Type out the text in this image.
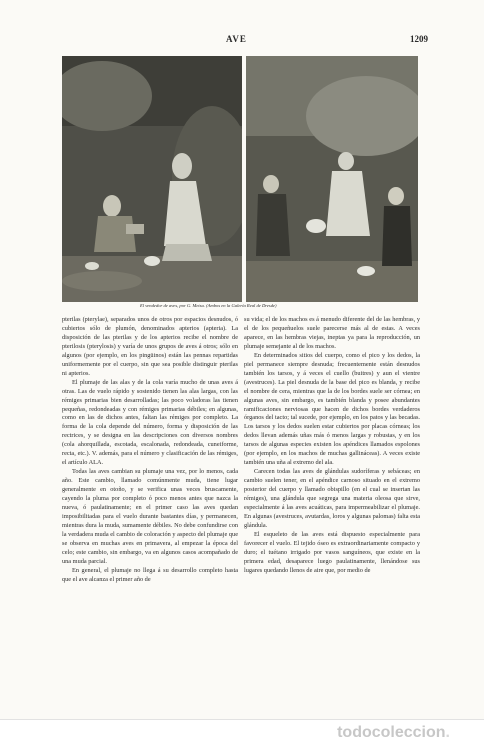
AVE	1209
El vendedor de aves, por G. Metsu. (Ambos en la Galería Real de Dresde)

pterilas (pterylae), separados unos de otros por espacios desnudos, ó cubiertos sólo de plumón, denominados apterios (apteria). La disposición de las pterilas y de los apterios recibe el nombre de pterilosis (pterylosis) y varía de unos grupos de aves á otros; sólo en algunos (por ejemplo, en los pingüinos) están las pennas repartidas uniformemente por el cuerpo, sin que sea posible distinguir pterilas ni apterios.

El plumaje de las alas y de la cola varía mucho de unas aves á otras. Las de vuelo rápido y sostenido tienen las alas largas, con las rémiges primarias bien desarrolladas; las poco voladoras las tienen pequeñas, redondeadas y con rémiges primarias débiles; en algunas, como en las de dichos antes, faltan las rémiges por completo. La forma de la cola depende del número, forma y disposición de las rectrices, y se designa en las descripciones con diversos nombres (cola ahorquillada, escotada, escalonada, redondeada, cuneiforme, recta, etc.). V. además, para el número y clasificación de las rémiges, el artículo ALA.

Todas las aves cambian su plumaje una vez, por lo menos, cada año. Este cambio, llamado comúnmente muda, tiene lugar generalmente en otoño, y se verifica unas veces bruscamente, cayendo la pluma por completo ó poco menos antes que nazca la nueva, ó paulatinamente; en el primer caso las aves quedan imposibilitadas para el vuelo durante bastantes días, y permanecen, mientras dura la muda, sumamente débiles. No debe confundirse con la verdadera muda el cambio de coloración y aspecto del plumaje que se observa en muchas aves en primavera, al empezar la época del celo; este cambio, sin embargo, va en algunos casos acompañado de una muda parcial.

En general, el plumaje no llega á su desarrollo completo hasta que el ave alcanza el primer año de

su vida; el de los machos es á menudo diferente del de las hembras, y el de los pequeñuelos suele parecerse más al de estas. A veces aparece, en las hembras viejas, ineptas ya para la reproducción, un plumaje semejante al de los machos.

En determinados sitios del cuerpo, como el pico y los dedos, la piel permanece siempre desnuda; frecuentemente están desnudos también los tarsos, y á veces el cuello (buitres) y aun el vientre (avestruces). La piel desnuda de la base del pico es blanda, y recibe el nombre de cera, mientras que la de los bordes suele ser córnea; en algunas aves, sin embargo, es también blanda y posee abundantes ramificaciones nerviosas que hacen de dichos bordes verdaderos órganos del tacto; tal sucede, por ejemplo, en los patos y las becadas. Los tarsos y los dedos suelen estar cubiertos por placas córneas; los dedos llevan además uñas más ó menos largas y robustas, y en los tarsos de algunas especies existen los apéndices llamados espolones (por ejemplo, en los machos de muchas gallináceas). A veces existe también una uña al extremo del ala.

Carecen todas las aves de glándulas sudoríferas y sebáceas; en cambio suelen tener, en el apéndice carnoso situado en el extremo posterior del cuerpo y llamado obispillo (en el cual se insertan las rémiges), una glándula que segrega una materia oleosa que sirve, especialmente á las aves acuáticas, para impermeabilizar el plumaje. En algunas (avestruces, avutardas, loros y algunas palomas) falta esta glándula.

El esqueleto de las aves está dispuesto especialmente para favorecer el vuelo. El tejido óseo es extraordinariamente compacto y duro; el tuétano irrigado por vasos sanguíneos, que existe en la primera edad, desaparece luego paulatinamente, llenándose sus lugares quedando llenos de aire que, por medio de

todocoleccion.
